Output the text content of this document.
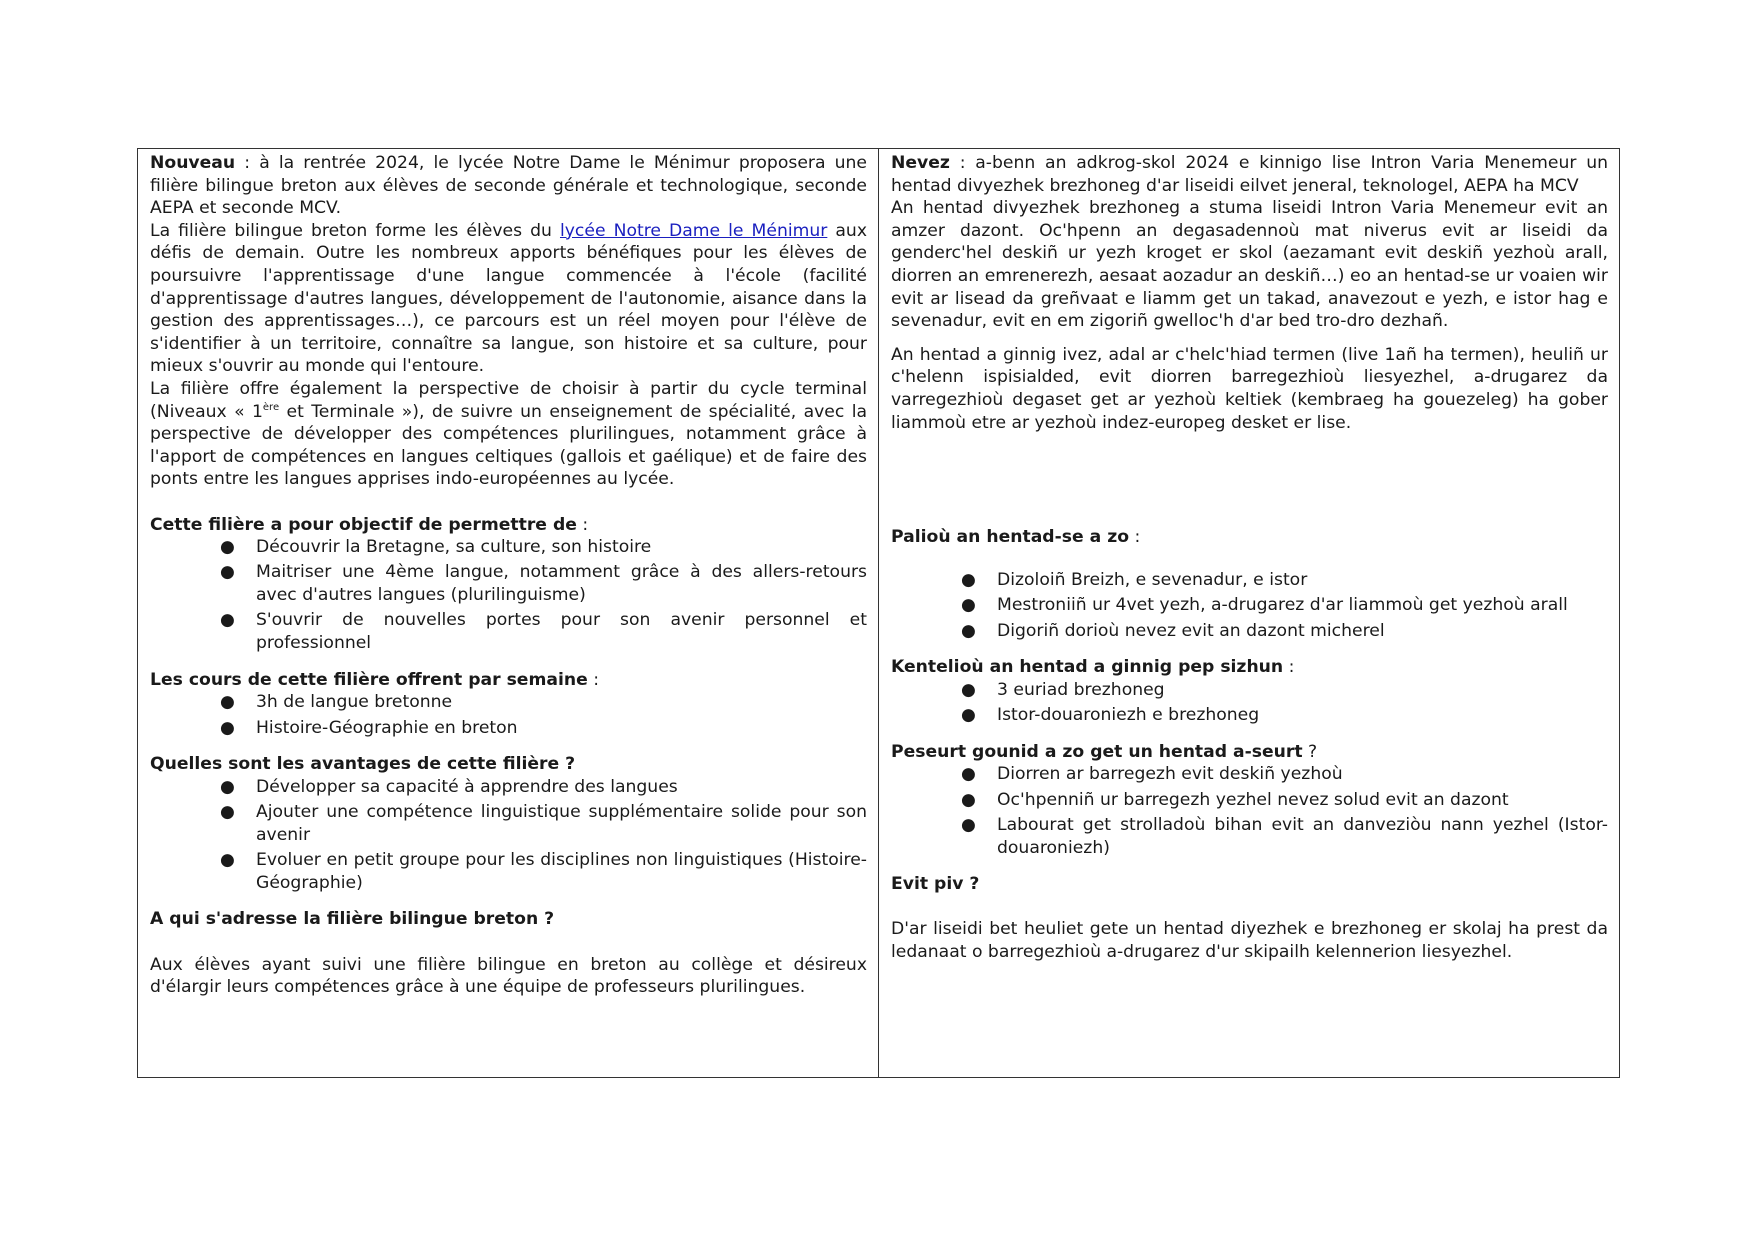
Nouveau : à la rentrée 2024, le lycée Notre Dame le Ménimur proposera une filière bilingue breton aux élèves de seconde générale et technologique, seconde AEPA et seconde MCV.

La filière bilingue breton forme les élèves du lycée Notre Dame le Ménimur aux défis de demain. Outre les nombreux apports bénéfiques pour les élèves de poursuivre l'apprentissage d'une langue commencée à l'école (facilité d'apprentissage d'autres langues, développement de l'autonomie, aisance dans la gestion des apprentissages…), ce parcours est un réel moyen pour l'élève de s'identifier à un territoire, connaître sa langue, son histoire et sa culture, pour mieux s'ouvrir au monde qui l'entoure.

La filière offre également la perspective de choisir à partir du cycle terminal (Niveaux « 1ère et Terminale »), de suivre un enseignement de spécialité, avec la perspective de développer des compétences plurilingues, notamment grâce à l'apport de compétences en langues celtiques (gallois et gaélique) et de faire des ponts entre les langues apprises indo-européennes au lycée.

Cette filière a pour objectif de permettre de :

● Découvrir la Bretagne, sa culture, son histoire
● Maitriser une 4ème langue, notamment grâce à des allers-retours avec d'autres langues (plurilinguisme)
● S'ouvrir de nouvelles portes pour son avenir personnel et professionnel

Les cours de cette filière offrent par semaine :

● 3h de langue bretonne
● Histoire-Géographie en breton

Quelles sont les avantages de cette filière ?

● Développer sa capacité à apprendre des langues
● Ajouter une compétence linguistique supplémentaire solide pour son avenir
● Evoluer en petit groupe pour les disciplines non linguistiques (Histoire-Géographie)

A qui s'adresse la filière bilingue breton ?

Aux élèves ayant suivi une filière bilingue en breton au collège et désireux d'élargir leurs compétences grâce à une équipe de professeurs plurilingues.

Nevez : a-benn an adkrog-skol 2024 e kinnigo lise Intron Varia Menemeur un hentad divyezhek brezhoneg d'ar liseidi eilvet jeneral, teknologel, AEPA ha MCV

An hentad divyezhek brezhoneg a stuma liseidi Intron Varia Menemeur evit an amzer dazont. Oc'hpenn an degasadennoù mat niverus evit ar liseidi da genderc'hel deskiñ ur yezh kroget er skol (aezamant evit deskiñ yezhoù arall, diorren an emrenerezh, aesaat aozadur an deskiñ…) eo an hentad-se ur voaien wir evit ar lisead da greñvaat e liamm get un takad, anavezout e yezh, e istor hag e sevenadur, evit en em zigoriñ gwelloc'h d'ar bed tro-dro dezhañ.

An hentad a ginnig ivez, adal ar c'helc'hiad termen (live 1añ ha termen), heuliñ ur c'helenn ispisialded, evit diorren barregezhioù liesyezhel, a-drugarez da varregezhioù degaset get ar yezhoù keltiek (kembraeg ha gouezeleg) ha gober liammoù etre ar yezhoù indez-europeg desket er lise.

Palioù an hentad-se a zo :

● Dizoloiñ Breizh, e sevenadur, e istor
● Mestroniiñ ur 4vet yezh, a-drugarez d'ar liammoù get yezhoù arall
● Digoriñ dorioù nevez evit an dazont micherel

Kentelioù an hentad a ginnig pep sizhun :

● 3 euriad brezhoneg
● Istor-douaroniezh e brezhoneg

Peseurt gounid a zo get un hentad a-seurt ?

● Diorren ar barregezh evit deskiñ yezhoù
● Oc'hpenniñ ur barregezh yezhel nevez solud evit an dazont
● Labourat get strolladoù bihan evit an danveziòu nann yezhel (Istor-douaroniezh)

Evit piv ?

D'ar liseidi bet heuliet gete un hentad diyezhek e brezhoneg er skolaj ha prest da ledanaat o barregezhioù a-drugarez d'ur skipailh kelennerion liesyezhel.
